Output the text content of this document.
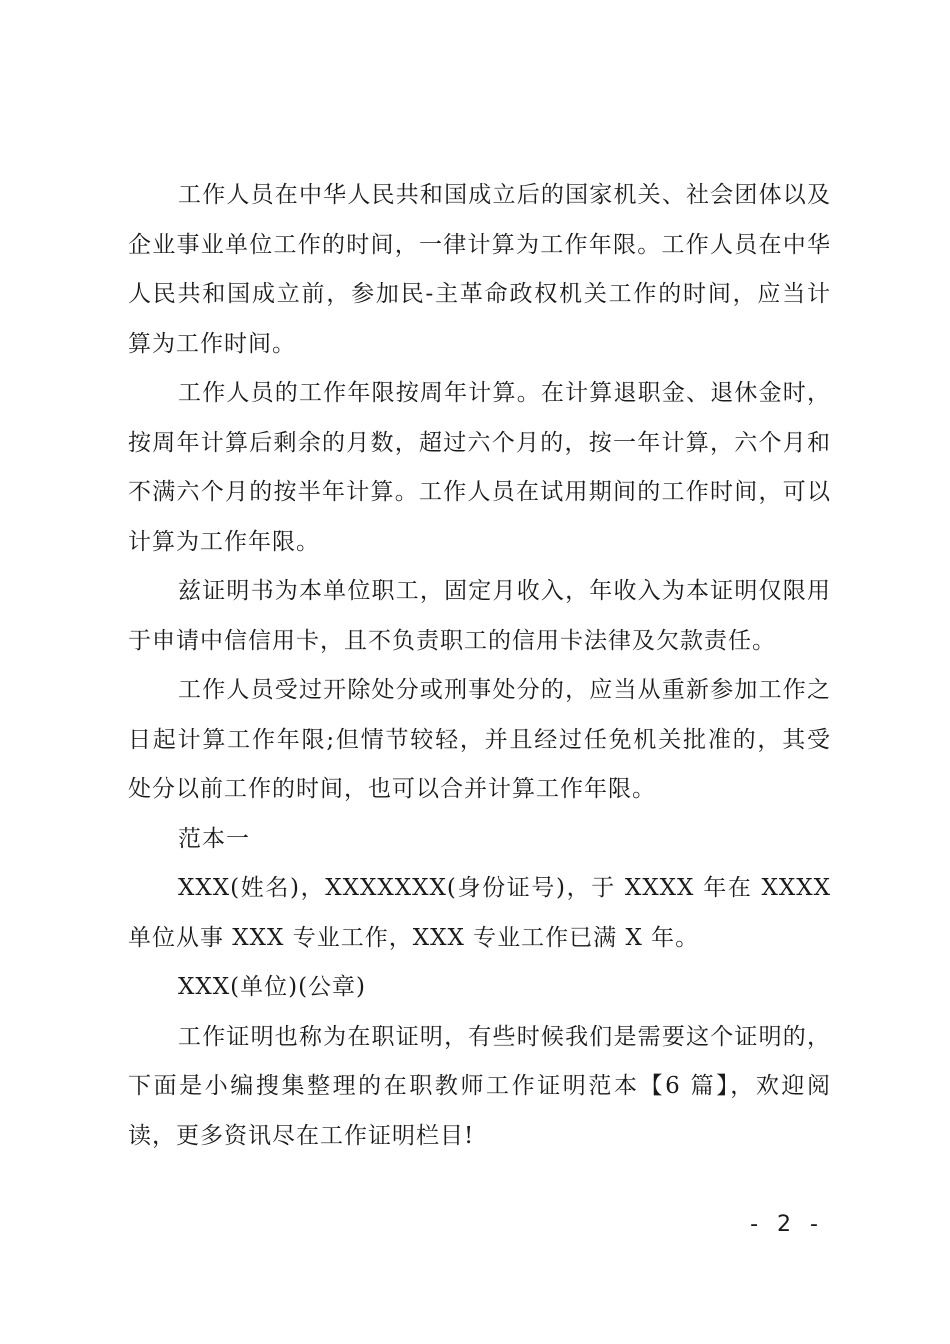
工作人员在中华人民共和国成立后的国家机关、社会团体以及企业事业单位工作的时间，一律计算为工作年限。工作人员在中华人民共和国成立前，参加民-主革命政权机关工作的时间，应当计算为工作时间。

工作人员的工作年限按周年计算。在计算退职金、退休金时，按周年计算后剩余的月数，超过六个月的，按一年计算，六个月和不满六个月的按半年计算。工作人员在试用期间的工作时间，可以计算为工作年限。

兹证明书为本单位职工，固定月收入，年收入为本证明仅限用于申请中信信用卡，且不负责职工的信用卡法律及欠款责任。

工作人员受过开除处分或刑事处分的，应当从重新参加工作之日起计算工作年限;但情节较轻，并且经过任免机关批准的，其受处分以前工作的时间，也可以合并计算工作年限。

范本一

XXX(姓名)，XXXXXXX(身份证号)，于 XXXX 年在 XXXX 单位从事 XXX 专业工作，XXX 专业工作已满 X 年。

XXX(单位)(公章)

工作证明也称为在职证明，有些时候我们是需要这个证明的，下面是小编搜集整理的在职教师工作证明范本【6 篇】，欢迎阅读，更多资讯尽在工作证明栏目!

- 2 -
